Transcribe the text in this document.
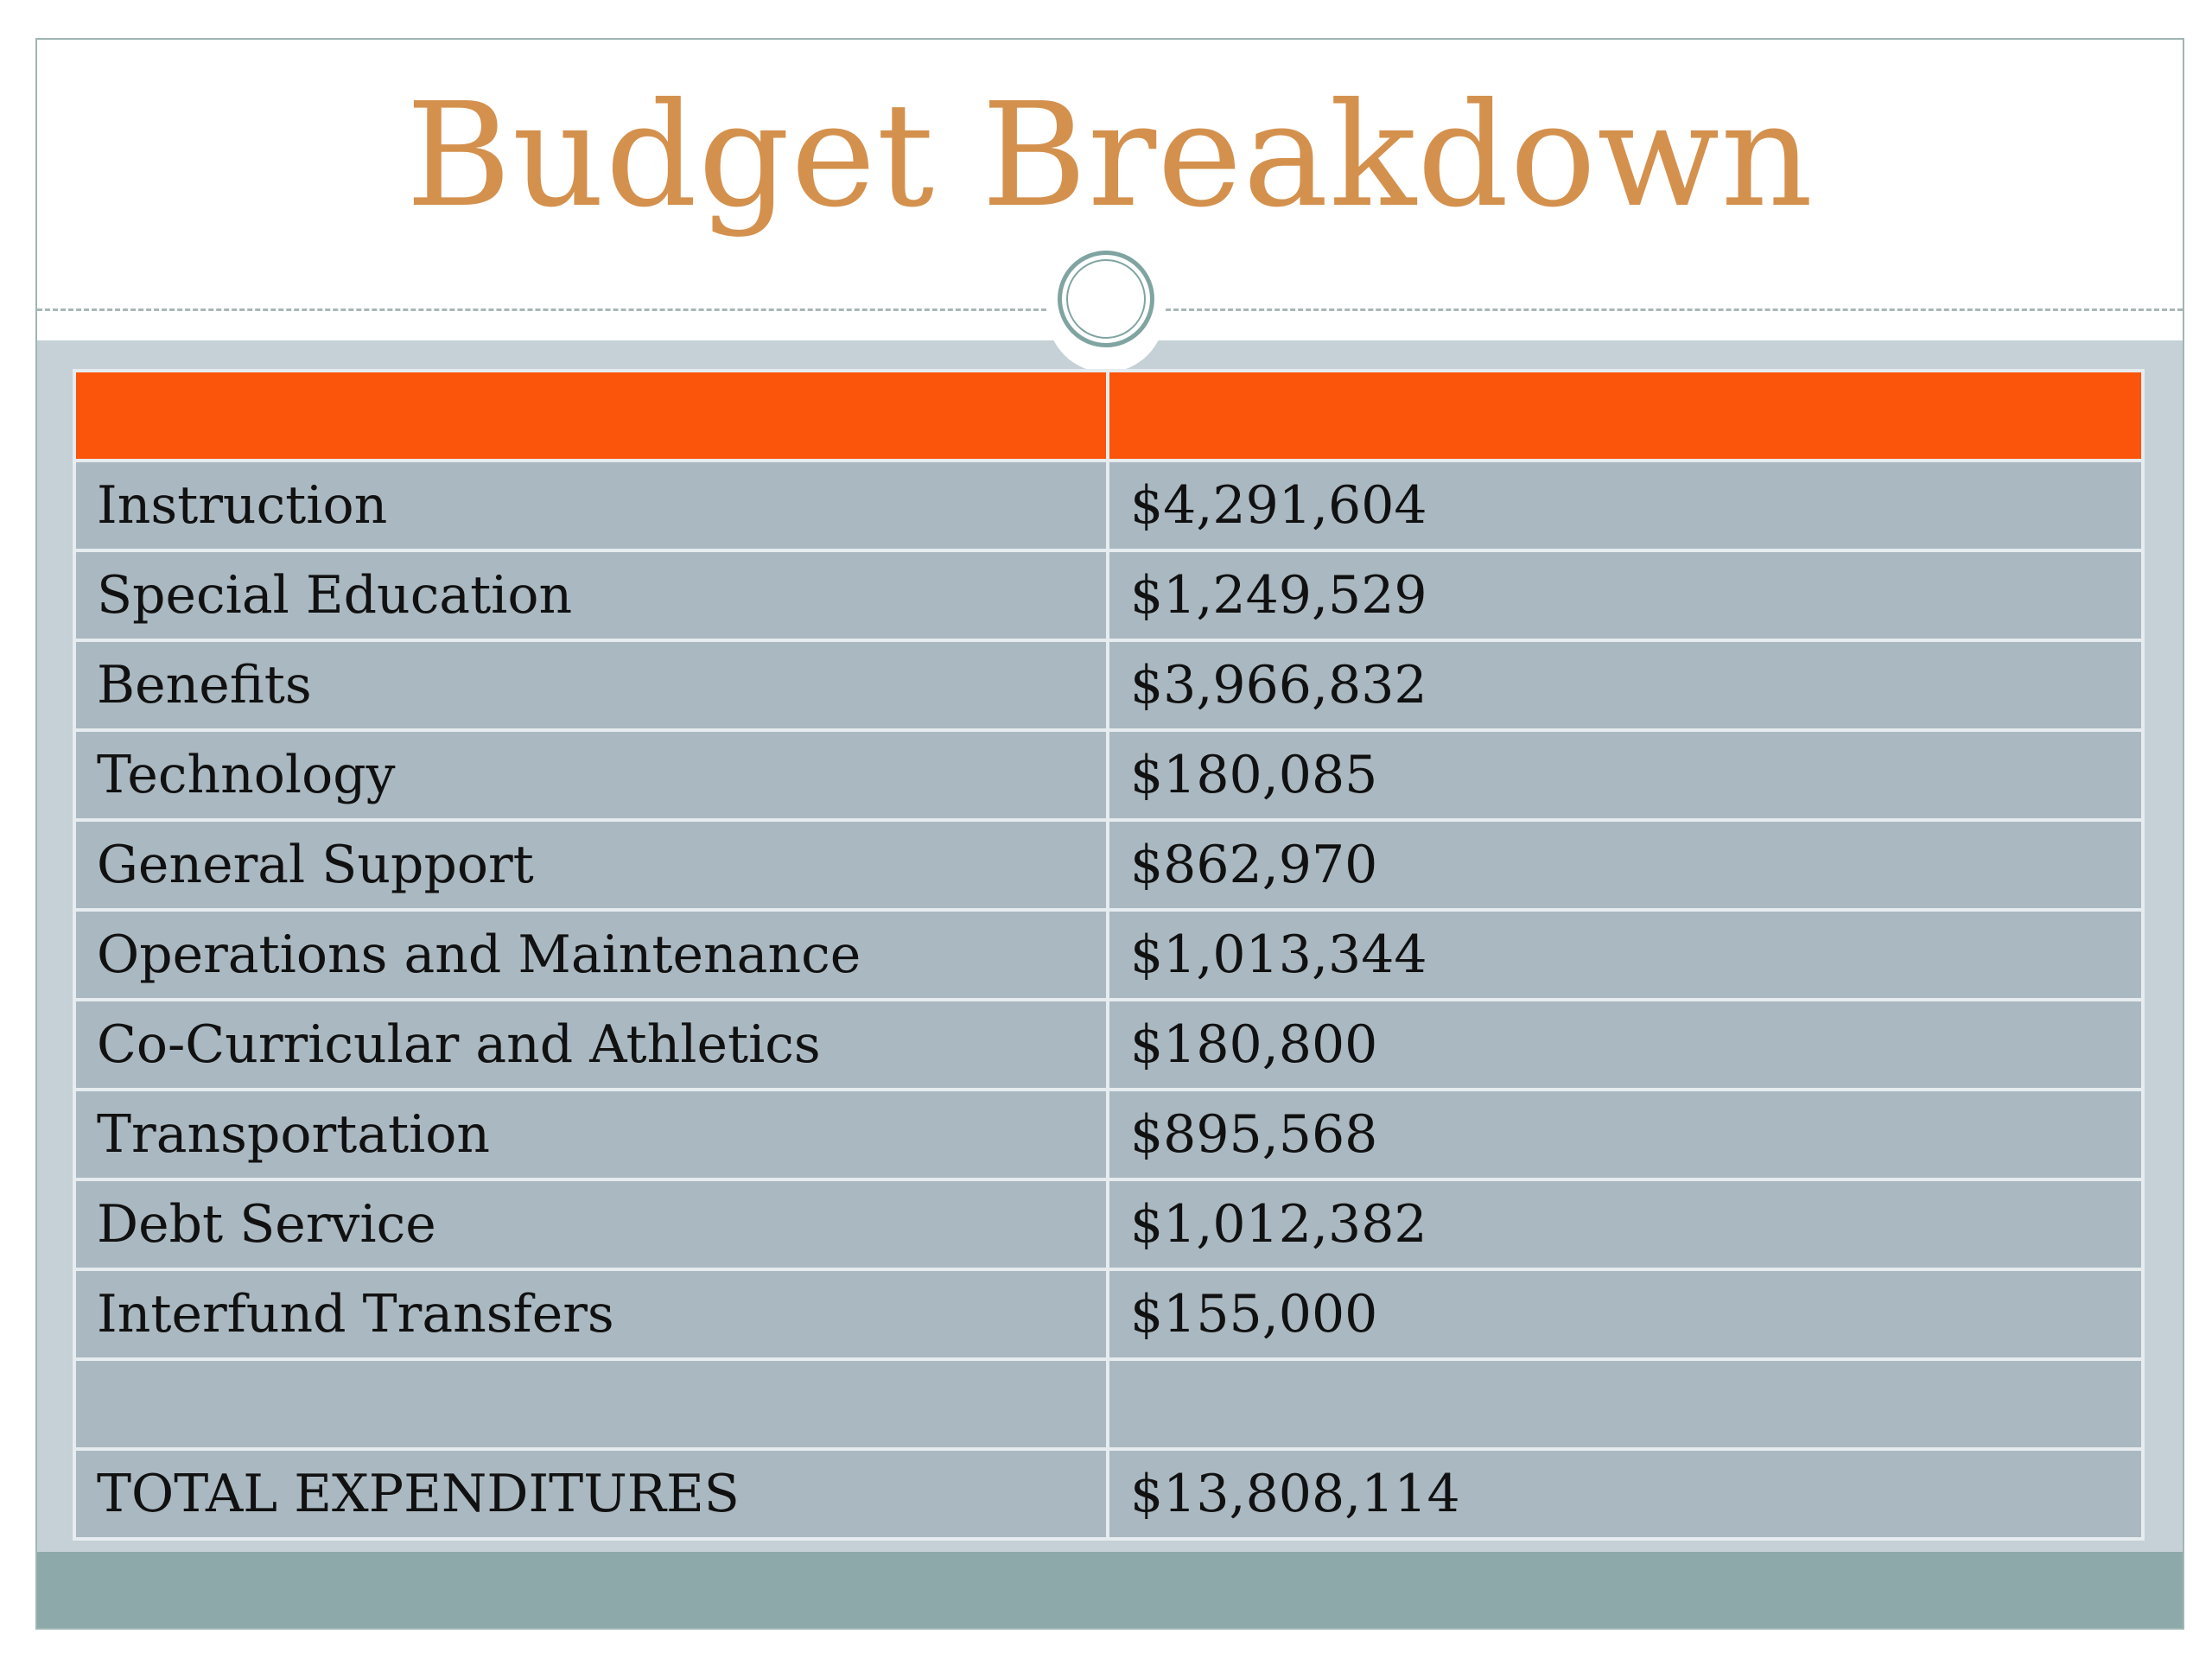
Budget Breakdown

Instruction	$4,291,604
Special Education	$1,249,529
Benefits	$3,966,832
Technology	$180,085
General Support	$862,970
Operations and Maintenance	$1,013,344
Co-Curricular and Athletics	$180,800
Transportation	$895,568
Debt Service	$1,012,382
Interfund Transfers	$155,000

TOTAL EXPENDITURES	$13,808,114
